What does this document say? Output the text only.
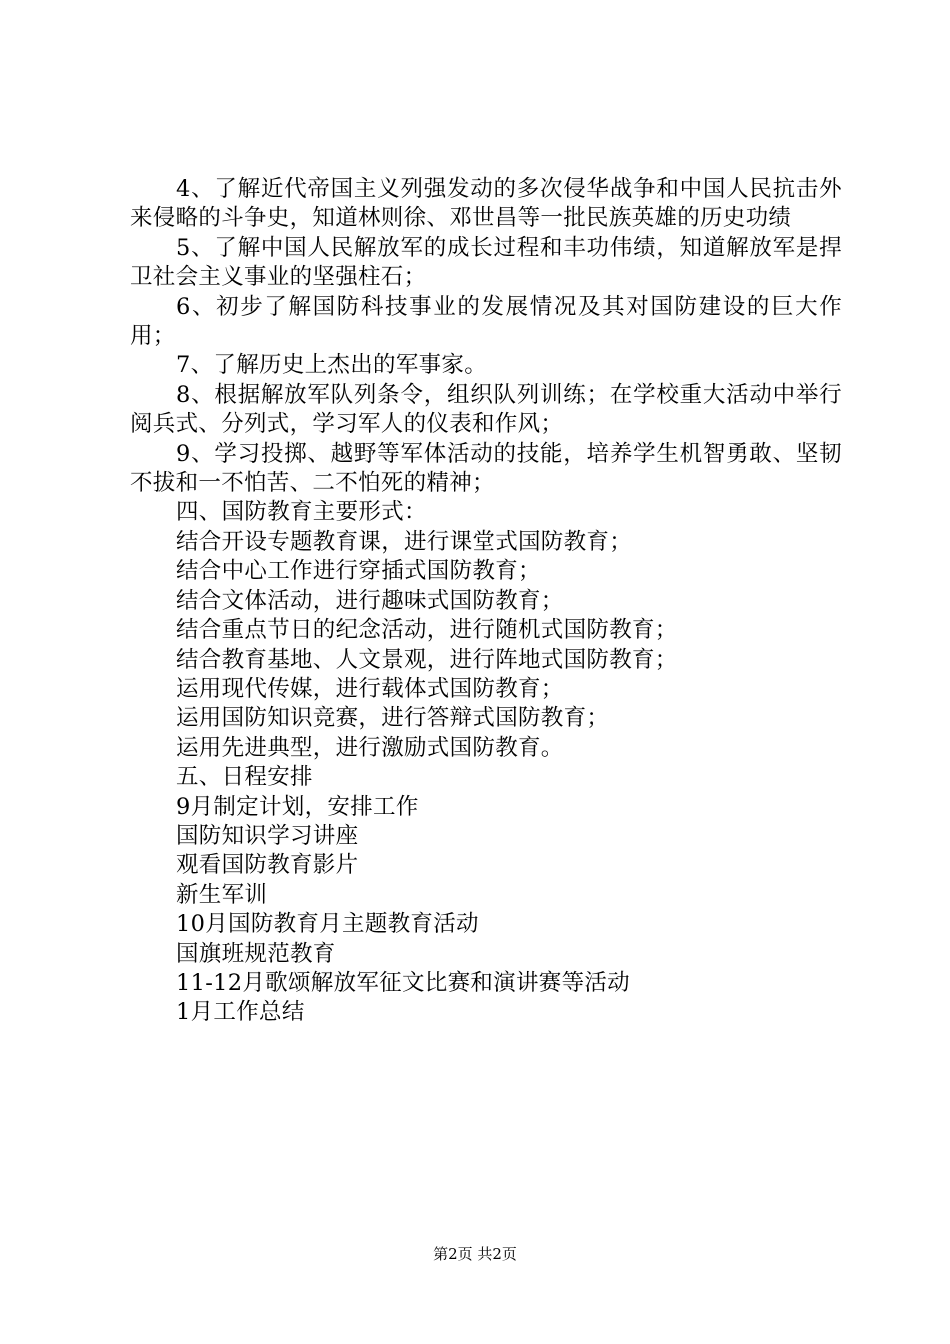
4、了解近代帝国主义列强发动的多次侵华战争和中国人民抗击外来侵略的斗争史，知道林则徐、邓世昌等一批民族英雄的历史功绩

5、了解中国人民解放军的成长过程和丰功伟绩，知道解放军是捍卫社会主义事业的坚强柱石；

6、初步了解国防科技事业的发展情况及其对国防建设的巨大作用；

7、了解历史上杰出的军事家。

8、根据解放军队列条令，组织队列训练；在学校重大活动中举行阅兵式、分列式，学习军人的仪表和作风；

9、学习投掷、越野等军体活动的技能，培养学生机智勇敢、坚韧不拔和一不怕苦、二不怕死的精神；

四、国防教育主要形式：

结合开设专题教育课，进行课堂式国防教育；

结合中心工作进行穿插式国防教育；

结合文体活动，进行趣味式国防教育；

结合重点节日的纪念活动，进行随机式国防教育；

结合教育基地、人文景观，进行阵地式国防教育；

运用现代传媒，进行载体式国防教育；

运用国防知识竞赛，进行答辩式国防教育；

运用先进典型，进行激励式国防教育。

五、日程安排

9月制定计划，安排工作

国防知识学习讲座

观看国防教育影片

新生军训

10月国防教育月主题教育活动

国旗班规范教育

11-12月歌颂解放军征文比赛和演讲赛等活动

1月工作总结

第2页 共2页
